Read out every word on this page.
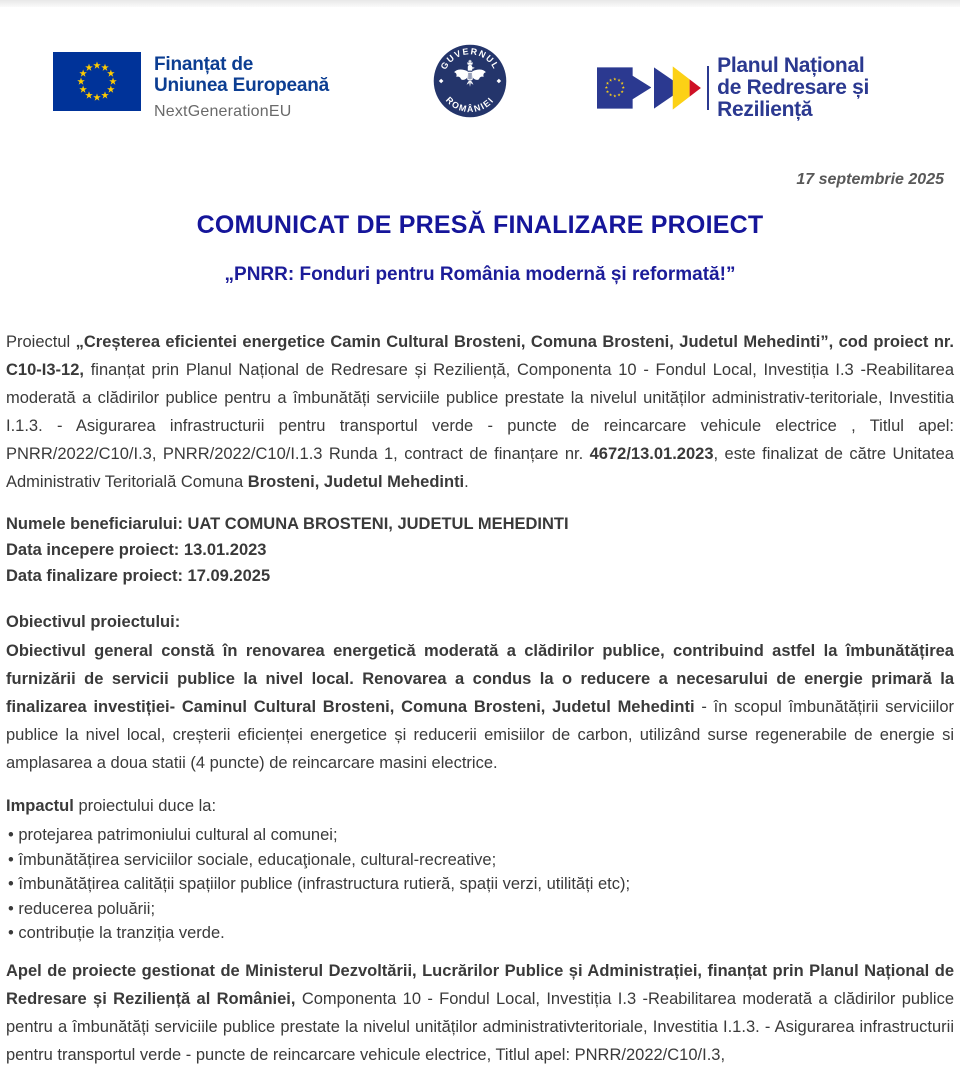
Finanțat de
Uniunea Europeană
NextGenerationEU
GUVERNUL
ROMÂNIEI
Planul Național
de Redresare și Reziliență
17 septembrie 2025
COMUNICAT DE PRESĂ FINALIZARE PROIECT
„PNRR: Fonduri pentru România modernă și reformată!”

Proiectul „Creșterea eficientei energetice Camin Cultural Brosteni, Comuna Brosteni, Judetul Mehedinti”, cod proiect nr. C10-I3-12, finanțat prin Planul Național de Redresare și Reziliență, Componenta 10 - Fondul Local, Investiția I.3 -Reabilitarea moderată a clădirilor publice pentru a îmbunătăți serviciile publice prestate la nivelul unităților administrativ-teritoriale, Investitia I.1.3. - Asigurarea infrastructurii pentru transportul verde - puncte de reincarcare vehicule electrice , Titlul apel: PNRR/2022/C10/I.3, PNRR/2022/C10/I.1.3 Runda 1, contract de finanțare nr. 4672/13.01.2023, este finalizat de către Unitatea Administrativ Teritorială Comuna Brosteni, Judetul Mehedinti.

Numele beneficiarului: UAT COMUNA BROSTENI, JUDETUL MEHEDINTI

Data incepere proiect: 13.01.2023

Data finalizare proiect: 17.09.2025

Obiectivul proiectului:

Obiectivul general constă în renovarea energetică moderată a clădirilor publice, contribuind astfel la îmbunătățirea furnizării de servicii publice la nivel local. Renovarea a condus la o reducere a necesarului de energie primară la finalizarea investiției- Caminul Cultural Brosteni, Comuna Brosteni, Judetul Mehedinti - în scopul îmbunătățirii serviciilor publice la nivel local, creșterii eficienței energetice și reducerii emisiilor de carbon, utilizând surse regenerabile de energie si amplasarea a doua statii (4 puncte) de reincarcare masini electrice.

Impactul proiectului duce la:

• protejarea patrimoniului cultural al comunei;
• îmbunătățirea serviciilor sociale, educaţionale, cultural-recreative;
• îmbunătățirea calității spațiilor publice (infrastructura rutieră, spații verzi, utilități etc);
• reducerea poluării;
• contribuție la tranziția verde.

Apel de proiecte gestionat de Ministerul Dezvoltării, Lucrărilor Publice și Administrației, finanțat prin Planul Național de Redresare și Reziliență al României, Componenta 10 - Fondul Local, Investiția I.3 -Reabilitarea moderată a clădirilor publice pentru a îmbunătăți serviciile publice prestate la nivelul unităților administrativteritoriale, Investitia I.1.3. - Asigurarea infrastructurii pentru transportul verde - puncte de reincarcare vehicule electrice, Titlul apel: PNRR/2022/C10/I.3,
